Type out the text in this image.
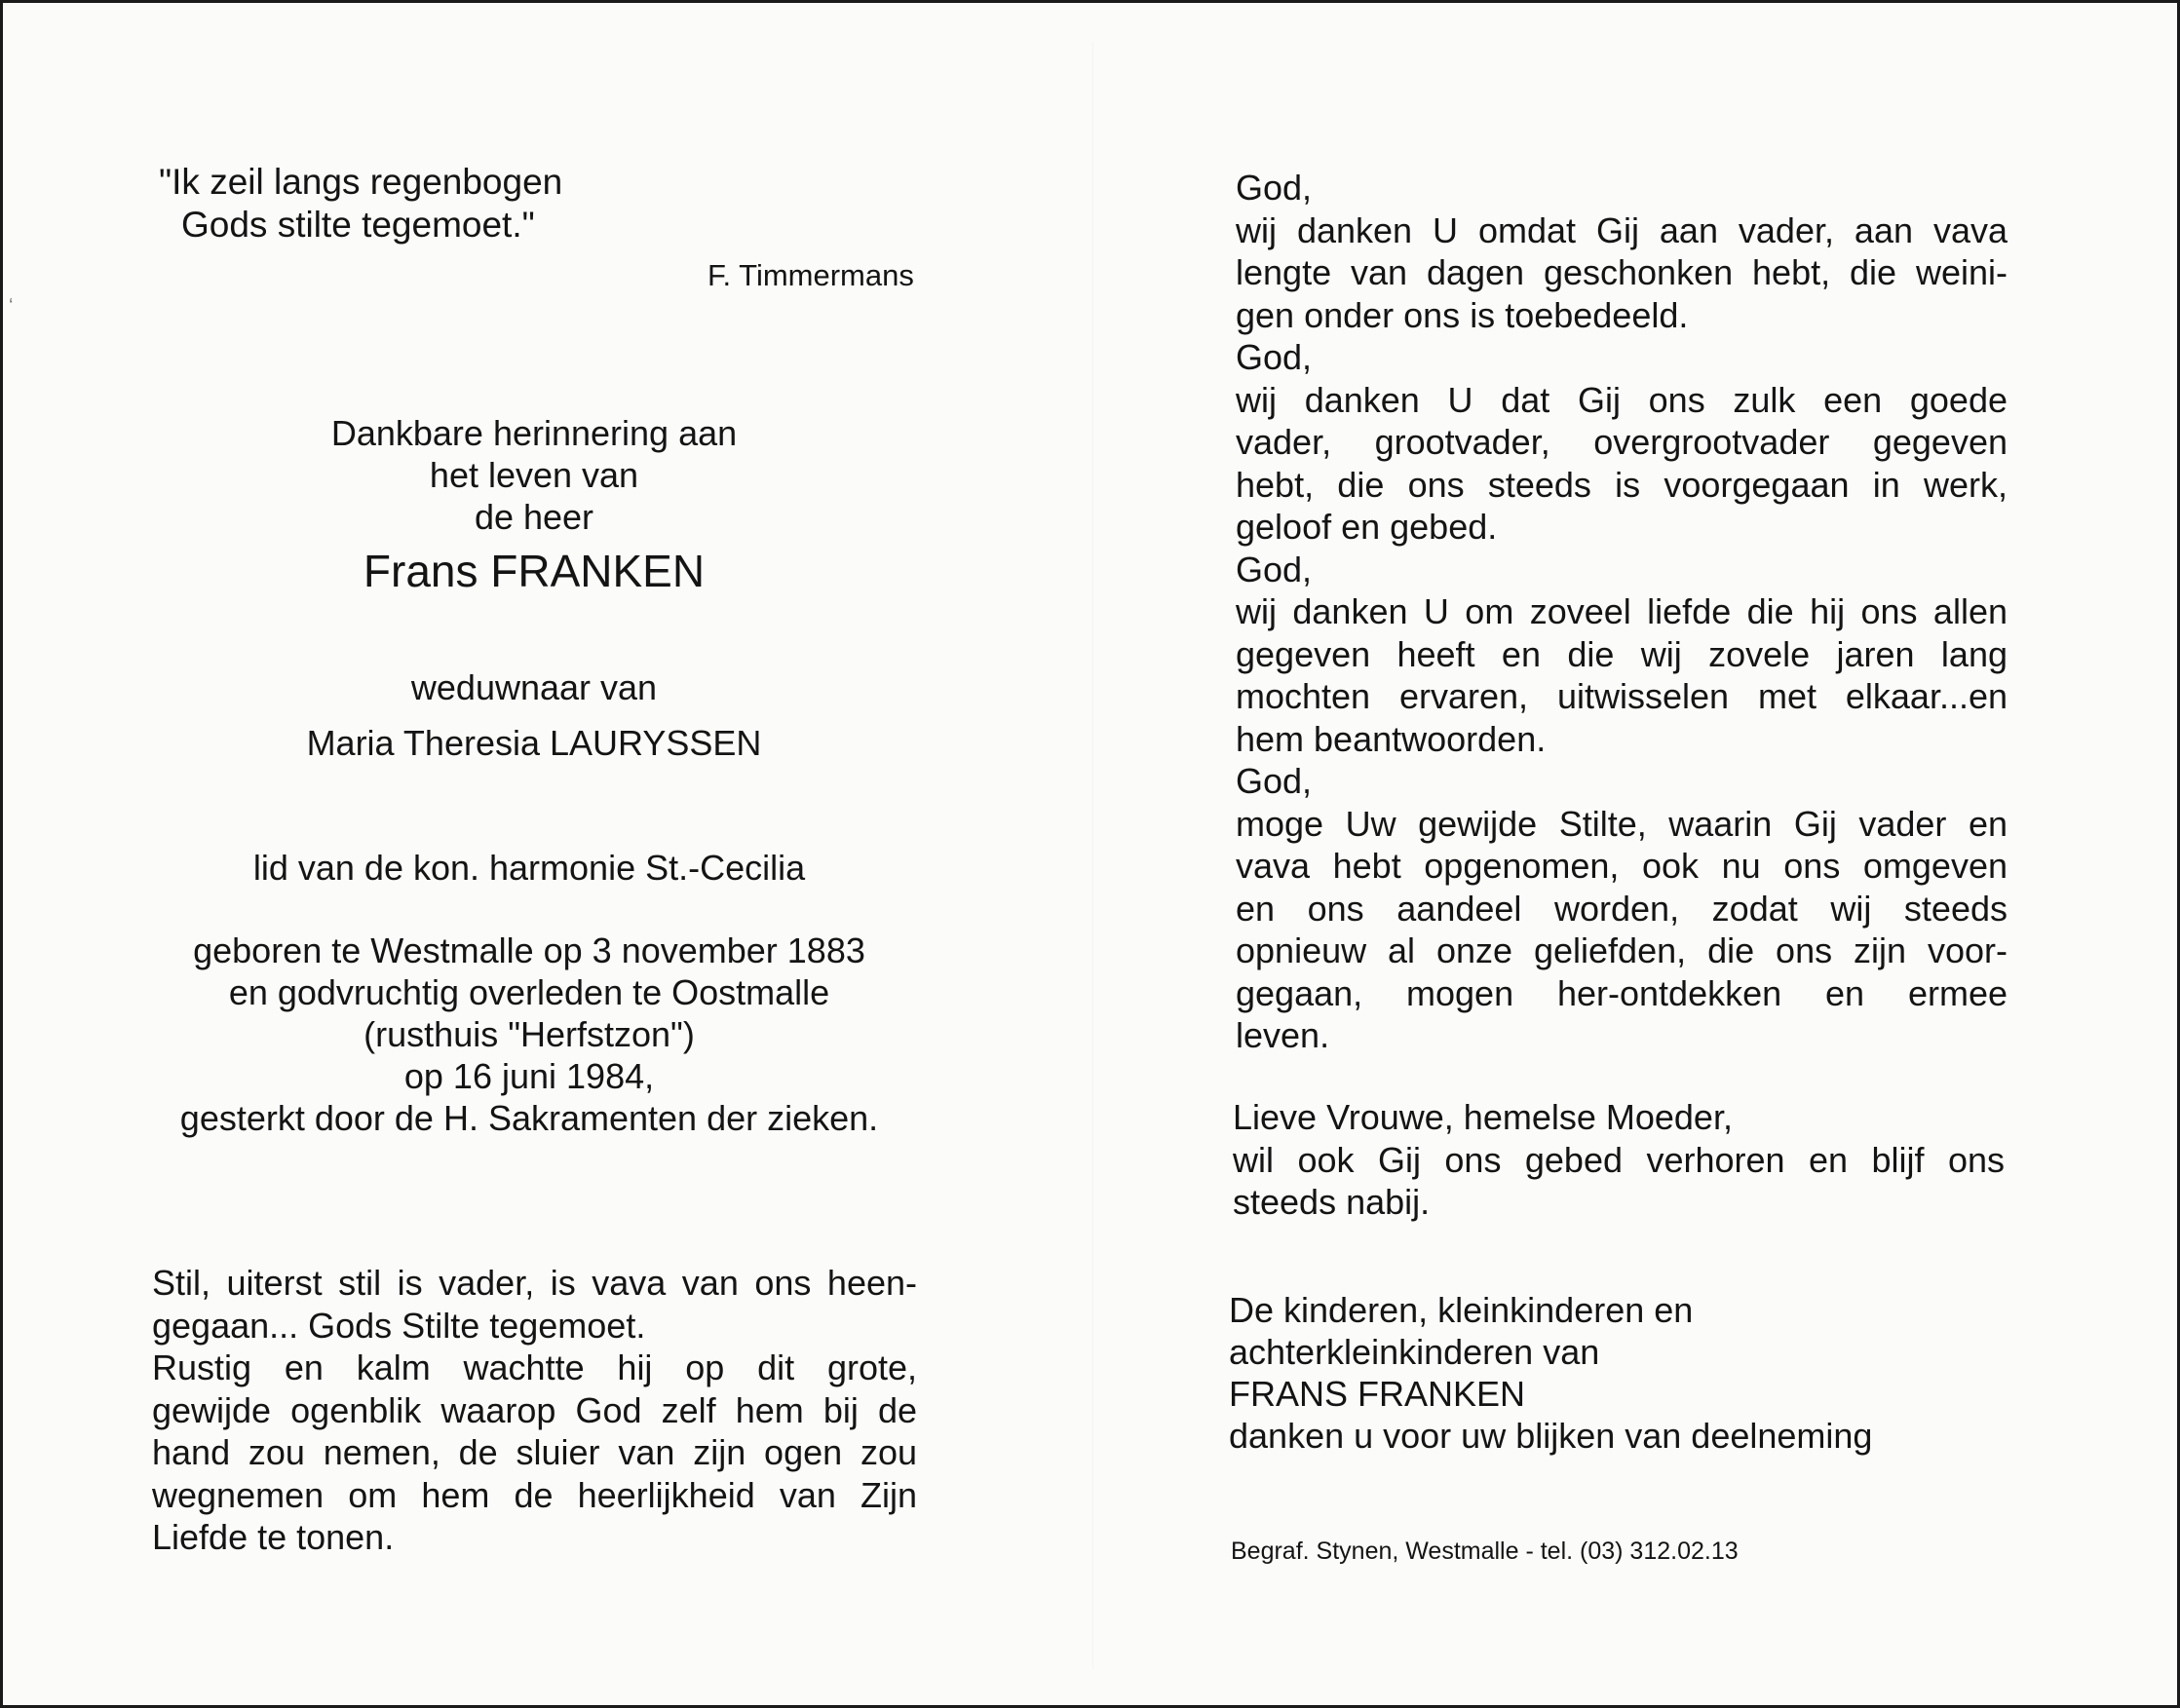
‘
"Ik zeil langs regenbogen
Gods stilte tegemoet."
F. Timmermans
Dankbare herinnering aan
het leven van
de heer
Frans FRANKEN
weduwnaar van
Maria Theresia LAURYSSEN
lid van de kon. harmonie St.-Cecilia
geboren te Westmalle op 3 november 1883
en godvruchtig overleden te Oostmalle
(rusthuis "Herfstzon")
op 16 juni 1984,
gesterkt door de H. Sakramenten der zieken.
Stil, uiterst stil is vader, is vava van ons heen-
gegaan... Gods Stilte tegemoet.
Rustig en kalm wachtte hij op dit grote,
gewijde ogenblik waarop God zelf hem bij de
hand zou nemen, de sluier van zijn ogen zou
wegnemen om hem de heerlijkheid van Zijn
Liefde te tonen.
God,
wij danken U omdat Gij aan vader, aan vava
lengte van dagen geschonken hebt, die weini-
gen onder ons is toebedeeld.
God,
wij danken U dat Gij ons zulk een goede
vader, grootvader, overgrootvader gegeven
hebt, die ons steeds is voorgegaan in werk,
geloof en gebed.
God,
wij danken U om zoveel liefde die hij ons allen
gegeven heeft en die wij zovele jaren lang
mochten ervaren, uitwisselen met elkaar...en
hem beantwoorden.
God,
moge Uw gewijde Stilte, waarin Gij vader en
vava hebt opgenomen, ook nu ons omgeven
en ons aandeel worden, zodat wij steeds
opnieuw al onze geliefden, die ons zijn voor-
gegaan, mogen her-ontdekken en ermee
leven.
Lieve Vrouwe, hemelse Moeder,
wil ook Gij ons gebed verhoren en blijf ons
steeds nabij.
De kinderen, kleinkinderen en
achterkleinkinderen van
FRANS FRANKEN
danken u voor uw blijken van deelneming
Begraf. Stynen, Westmalle - tel. (03) 312.02.13
